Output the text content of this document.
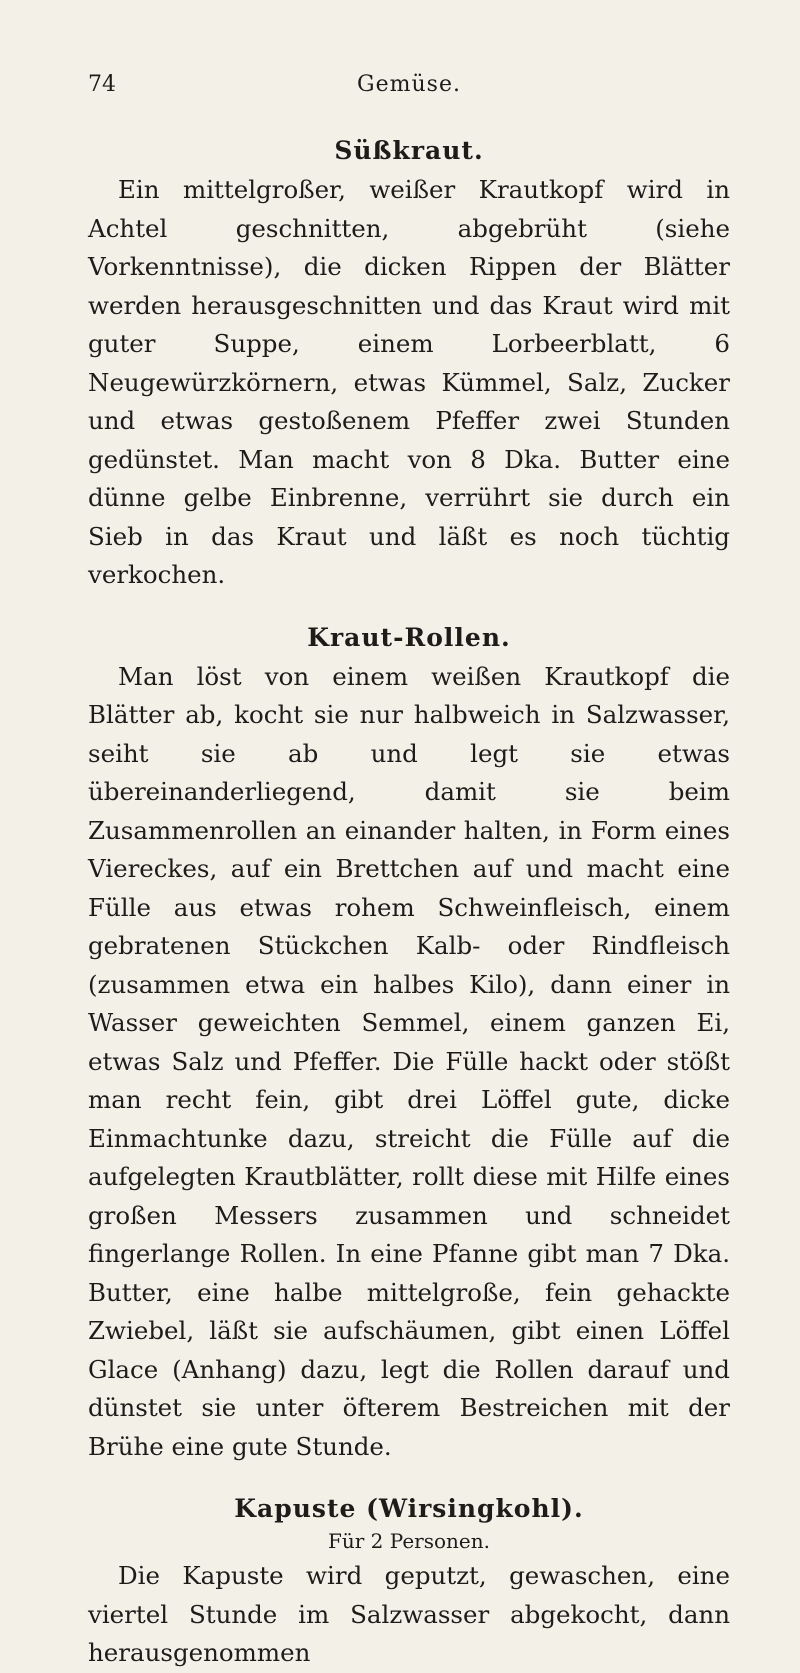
74	Gemüse.
Süßkraut.

Ein mittelgroßer, weißer Krautkopf wird in Achtel geschnitten, abgebrüht (siehe Vorkenntnisse), die dicken Rippen der Blätter werden herausgeschnitten und das Kraut wird mit guter Suppe, einem Lorbeerblatt, 6 Neugewürzkörnern, etwas Kümmel, Salz, Zucker und etwas gestoßenem Pfeffer zwei Stunden gedünstet. Man macht von 8 Dka. Butter eine dünne gelbe Einbrenne, verrührt sie durch ein Sieb in das Kraut und läßt es noch tüchtig verkochen.

Kraut-Rollen.

Man löst von einem weißen Krautkopf die Blätter ab, kocht sie nur halbweich in Salzwasser, seiht sie ab und legt sie etwas übereinanderliegend, damit sie beim Zusammenrollen an einander halten, in Form eines Viereckes, auf ein Brettchen auf und macht eine Fülle aus etwas rohem Schweinfleisch, einem gebratenen Stückchen Kalb- oder Rindfleisch (zusammen etwa ein halbes Kilo), dann einer in Wasser geweichten Semmel, einem ganzen Ei, etwas Salz und Pfeffer. Die Fülle hackt oder stößt man recht fein, gibt drei Löffel gute, dicke Einmachtunke dazu, streicht die Fülle auf die aufgelegten Krautblätter, rollt diese mit Hilfe eines großen Messers zusammen und schneidet fingerlange Rollen. In eine Pfanne gibt man 7 Dka. Butter, eine halbe mittelgroße, fein gehackte Zwiebel, läßt sie aufschäumen, gibt einen Löffel Glace (Anhang) dazu, legt die Rollen darauf und dünstet sie unter öfterem Bestreichen mit der Brühe eine gute Stunde.

Kapuste (Wirsingkohl).
Für 2 Personen.

Die Kapuste wird geputzt, gewaschen, eine viertel Stunde im Salzwasser abgekocht, dann herausgenommen
